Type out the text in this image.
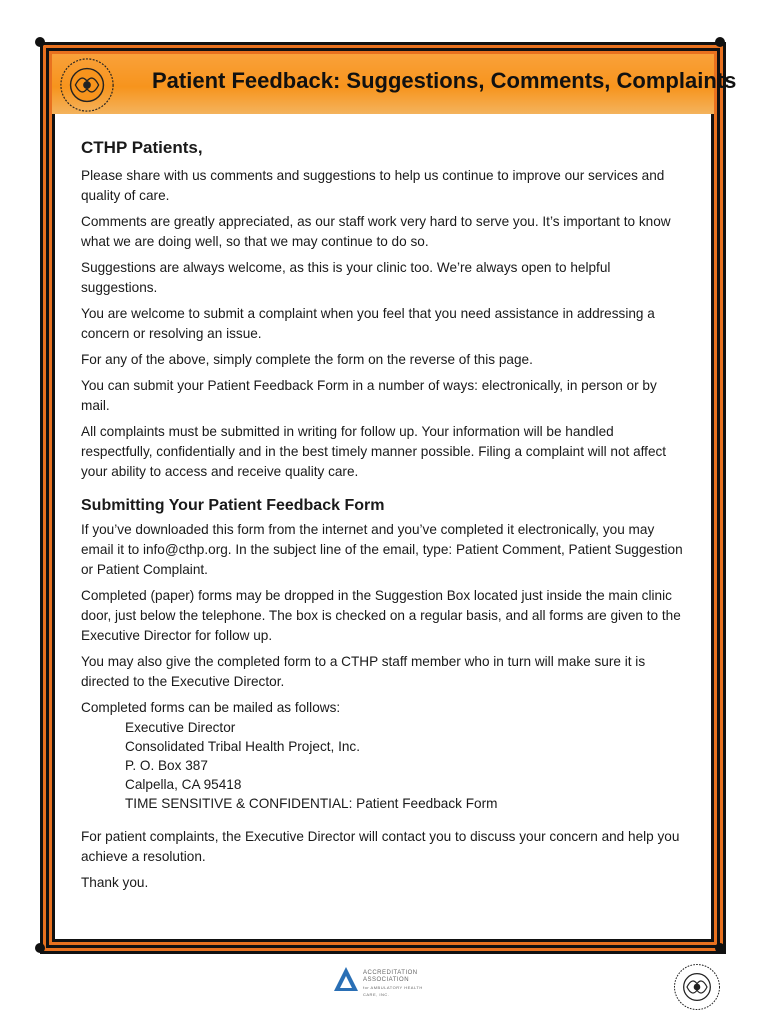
Patient Feedback: Suggestions, Comments, Complaints
CTHP Patients,

Please share with us comments and suggestions to help us continue to improve our services and quality of care.

Comments are greatly appreciated, as our staff work very hard to serve you. It’s important to know what we are doing well, so that we may continue to do so.

Suggestions are always welcome, as this is your clinic too. We’re always open to helpful suggestions.

You are welcome to submit a complaint when you feel that you need assistance in addressing a concern or resolving an issue.

For any of the above, simply complete the form on the reverse of this page.

You can submit your Patient Feedback Form in a number of ways: electronically, in person or by mail.

All complaints must be submitted in writing for follow up. Your information will be handled respectfully, confidentially and in the best timely manner possible. Filing a complaint will not affect your ability to access and receive quality care.

Submitting Your Patient Feedback Form

If you’ve downloaded this form from the internet and you’ve completed it electronically, you may email it to info@cthp.org. In the subject line of the email, type: Patient Comment, Patient Suggestion or Patient Complaint.

Completed (paper) forms may be dropped in the Suggestion Box located just inside the main clinic door, just below the telephone. The box is checked on a regular basis, and all forms are given to the Executive Director for follow up.

You may also give the completed form to a CTHP staff member who in turn will make sure it is directed to the Executive Director.

Completed forms can be mailed as follows:

Executive Director
Consolidated Tribal Health Project, Inc.
P. O. Box 387
Calpella, CA 95418
TIME SENSITIVE & CONFIDENTIAL: Patient Feedback Form

For patient complaints, the Executive Director will contact you to discuss your concern and help you achieve a resolution.

Thank you.

ACCREDITATION
ASSOCIATION
for AMBULATORY HEALTH CARE, INC.
